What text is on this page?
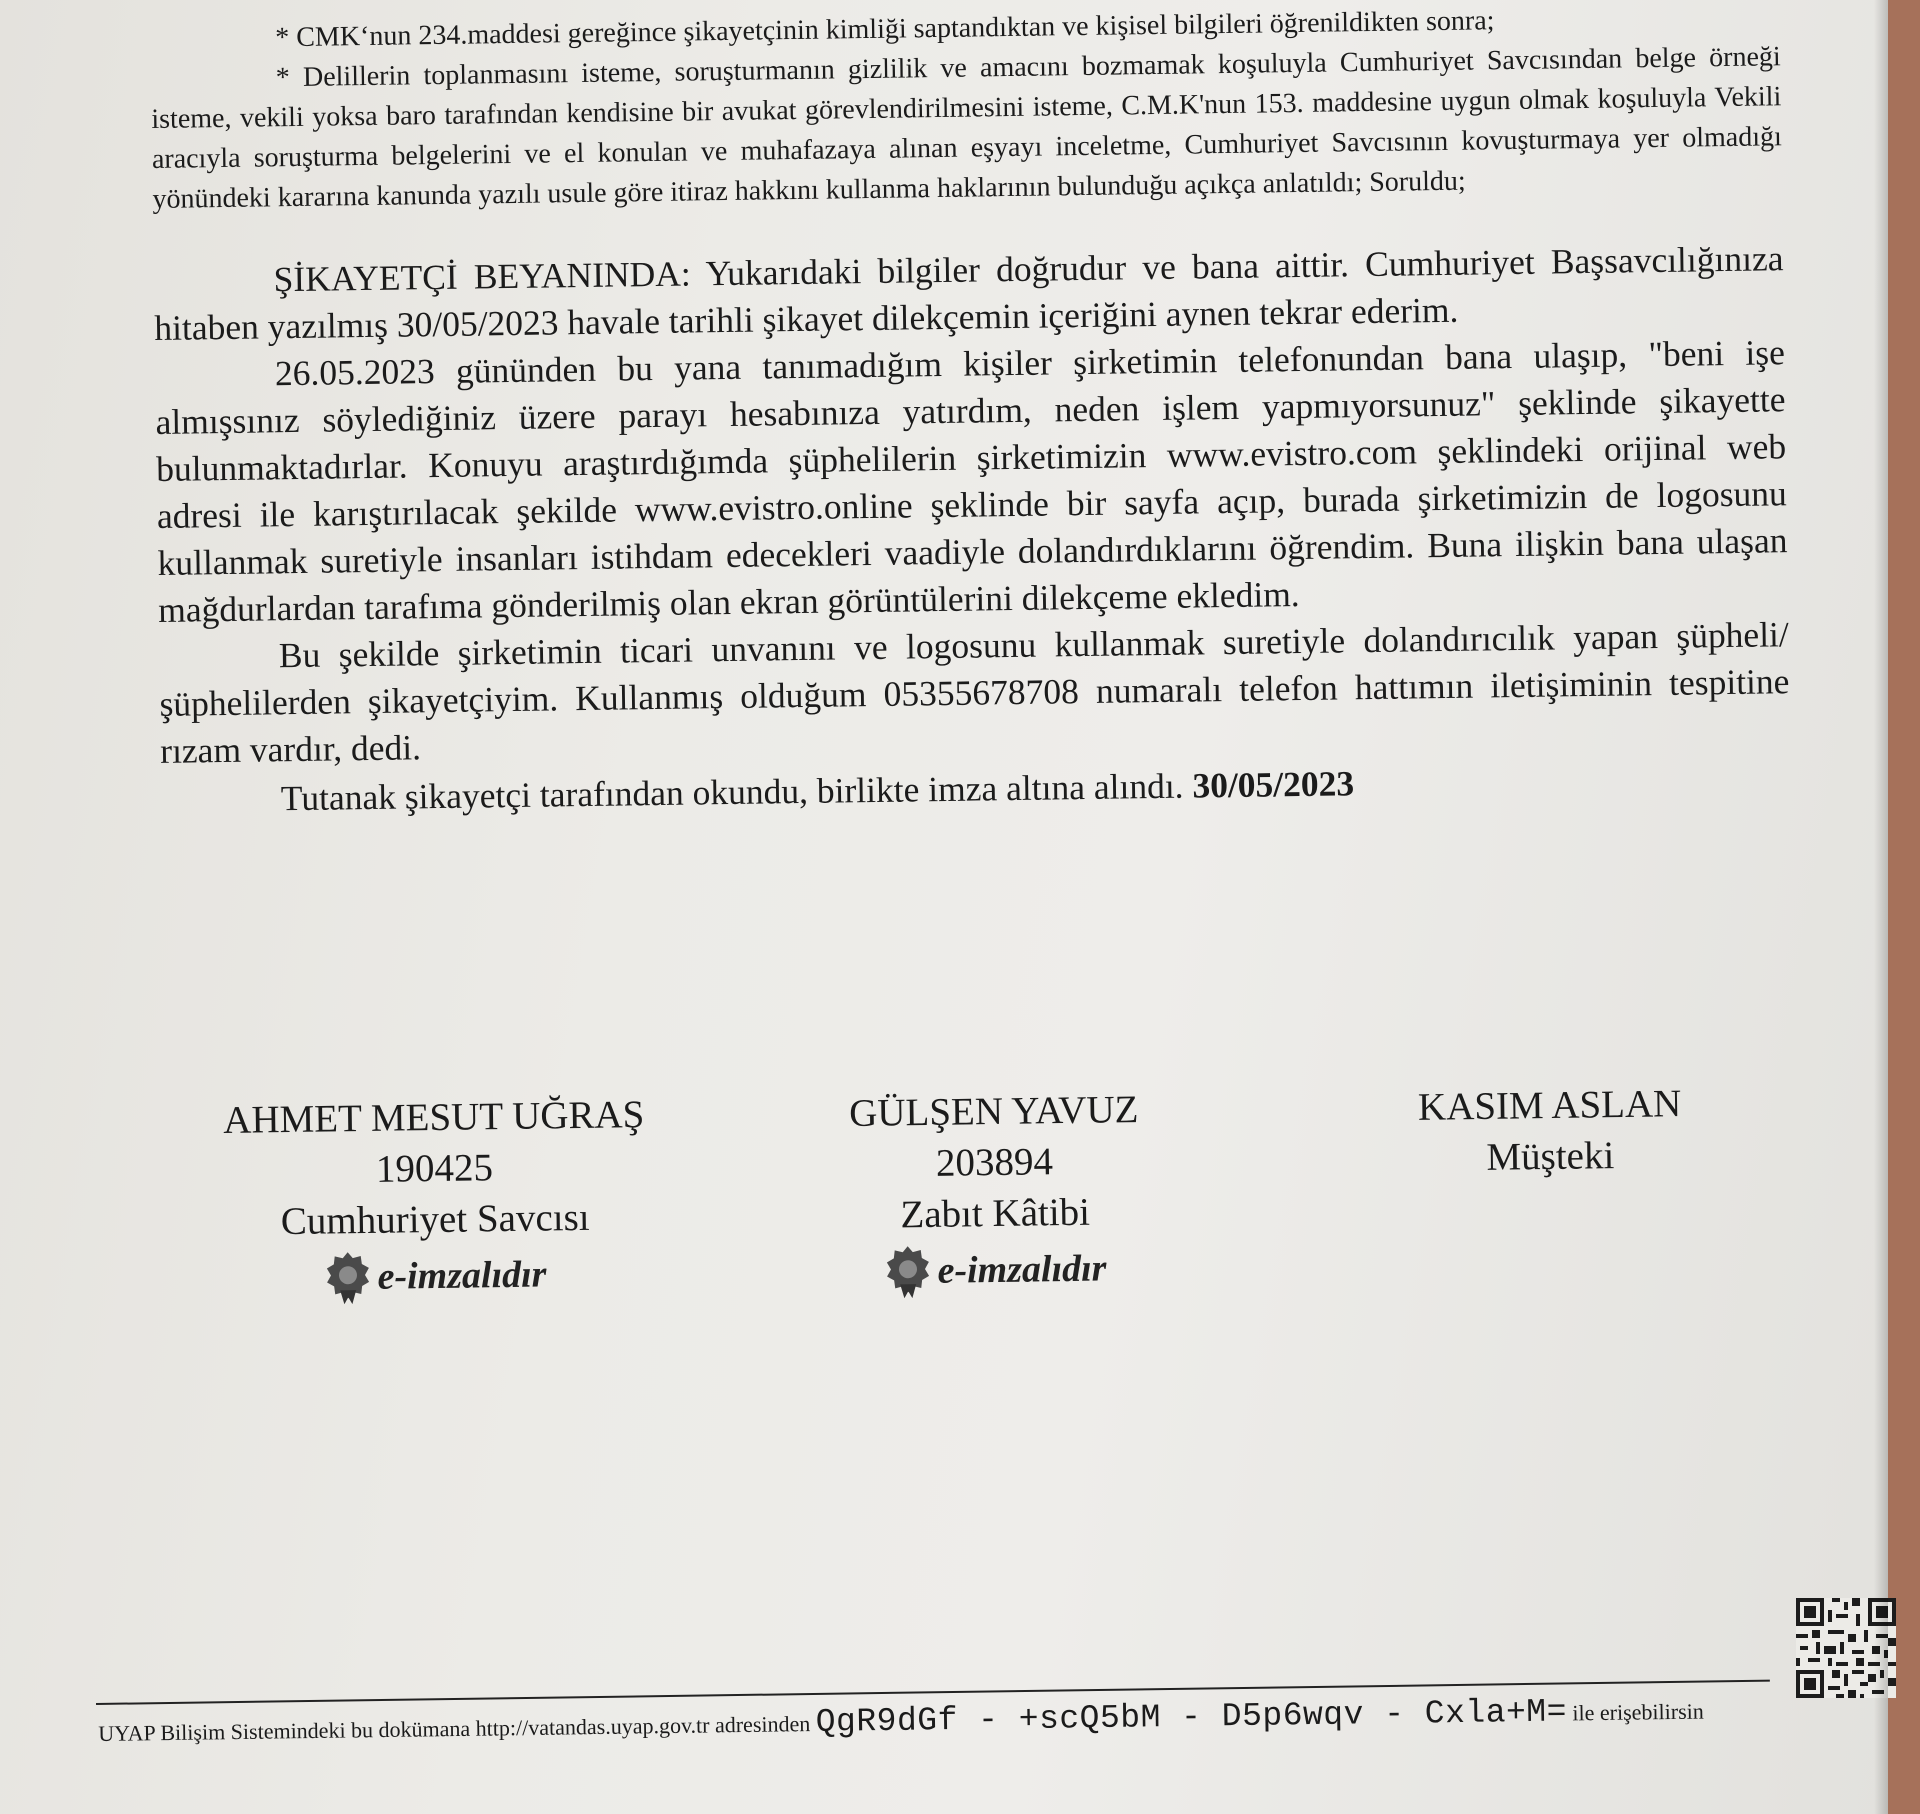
* CMK‘nun 234.maddesi gereğince şikayetçinin kimliği saptandıktan ve kişisel bilgileri öğrenildikten sonra;

* Delillerin toplanmasını isteme, soruşturmanın gizlilik ve amacını bozmamak koşuluyla Cumhuriyet Savcısından belge örneği isteme, vekili yoksa baro tarafından kendisine bir avukat görevlendirilmesini isteme, C.M.K'nun 153. maddesine uygun olmak koşuluyla Vekili aracıyla soruşturma belgelerini ve el konulan ve muhafazaya alınan eşyayı inceletme, Cumhuriyet Savcısının kovuşturmaya yer olmadığı yönündeki kararına kanunda yazılı usule göre itiraz hakkını kullanma haklarının bulunduğu açıkça anlatıldı; Soruldu;

ŞİKAYETÇİ BEYANINDA: Yukarıdaki bilgiler doğrudur ve bana aittir. Cumhuriyet Başsavcılığınıza hitaben yazılmış 30/05/2023 havale tarihli şikayet dilekçemin içeriğini aynen tekrar ederim.

26.05.2023 gününden bu yana tanımadığım kişiler şirketimin telefonundan bana ulaşıp, "beni işe almışsınız söylediğiniz üzere parayı hesabınıza yatırdım, neden işlem yapmıyorsunuz" şeklinde şikayette bulunmaktadırlar. Konuyu araştırdığımda şüphelilerin şirketimizin www.evistro.com şeklindeki orijinal web adresi ile karıştırılacak şekilde www.evistro.online şeklinde bir sayfa açıp, burada şirketimizin de logosunu kullanmak suretiyle insanları istihdam edecekleri vaadiyle dolandırdıklarını öğrendim. Buna ilişkin bana ulaşan mağdurlardan tarafıma gönderilmiş olan ekran görüntülerini dilekçeme ekledim.

Bu şekilde şirketimin ticari unvanını ve logosunu kullanmak suretiyle dolandırıcılık yapan şüpheli/şüphelilerden şikayetçiyim. Kullanmış olduğum 05355678708 numaralı telefon hattımın iletişiminin tespitine rızam vardır, dedi.

Tutanak şikayetçi tarafından okundu, birlikte imza altına alındı. 30/05/2023

AHMET MESUT UĞRAŞ
190425
Cumhuriyet Savcısı
e-imzalıdır
GÜLŞEN YAVUZ
203894
Zabıt Kâtibi
e-imzalıdır
KASIM ASLAN
Müşteki
UYAP Bilişim Sistemindeki bu dokümana http://vatandas.uyap.gov.tr adresinden QgR9dGf - +scQ5bM - D5p6wqv - Cxla+M= ile erişebilirsin
